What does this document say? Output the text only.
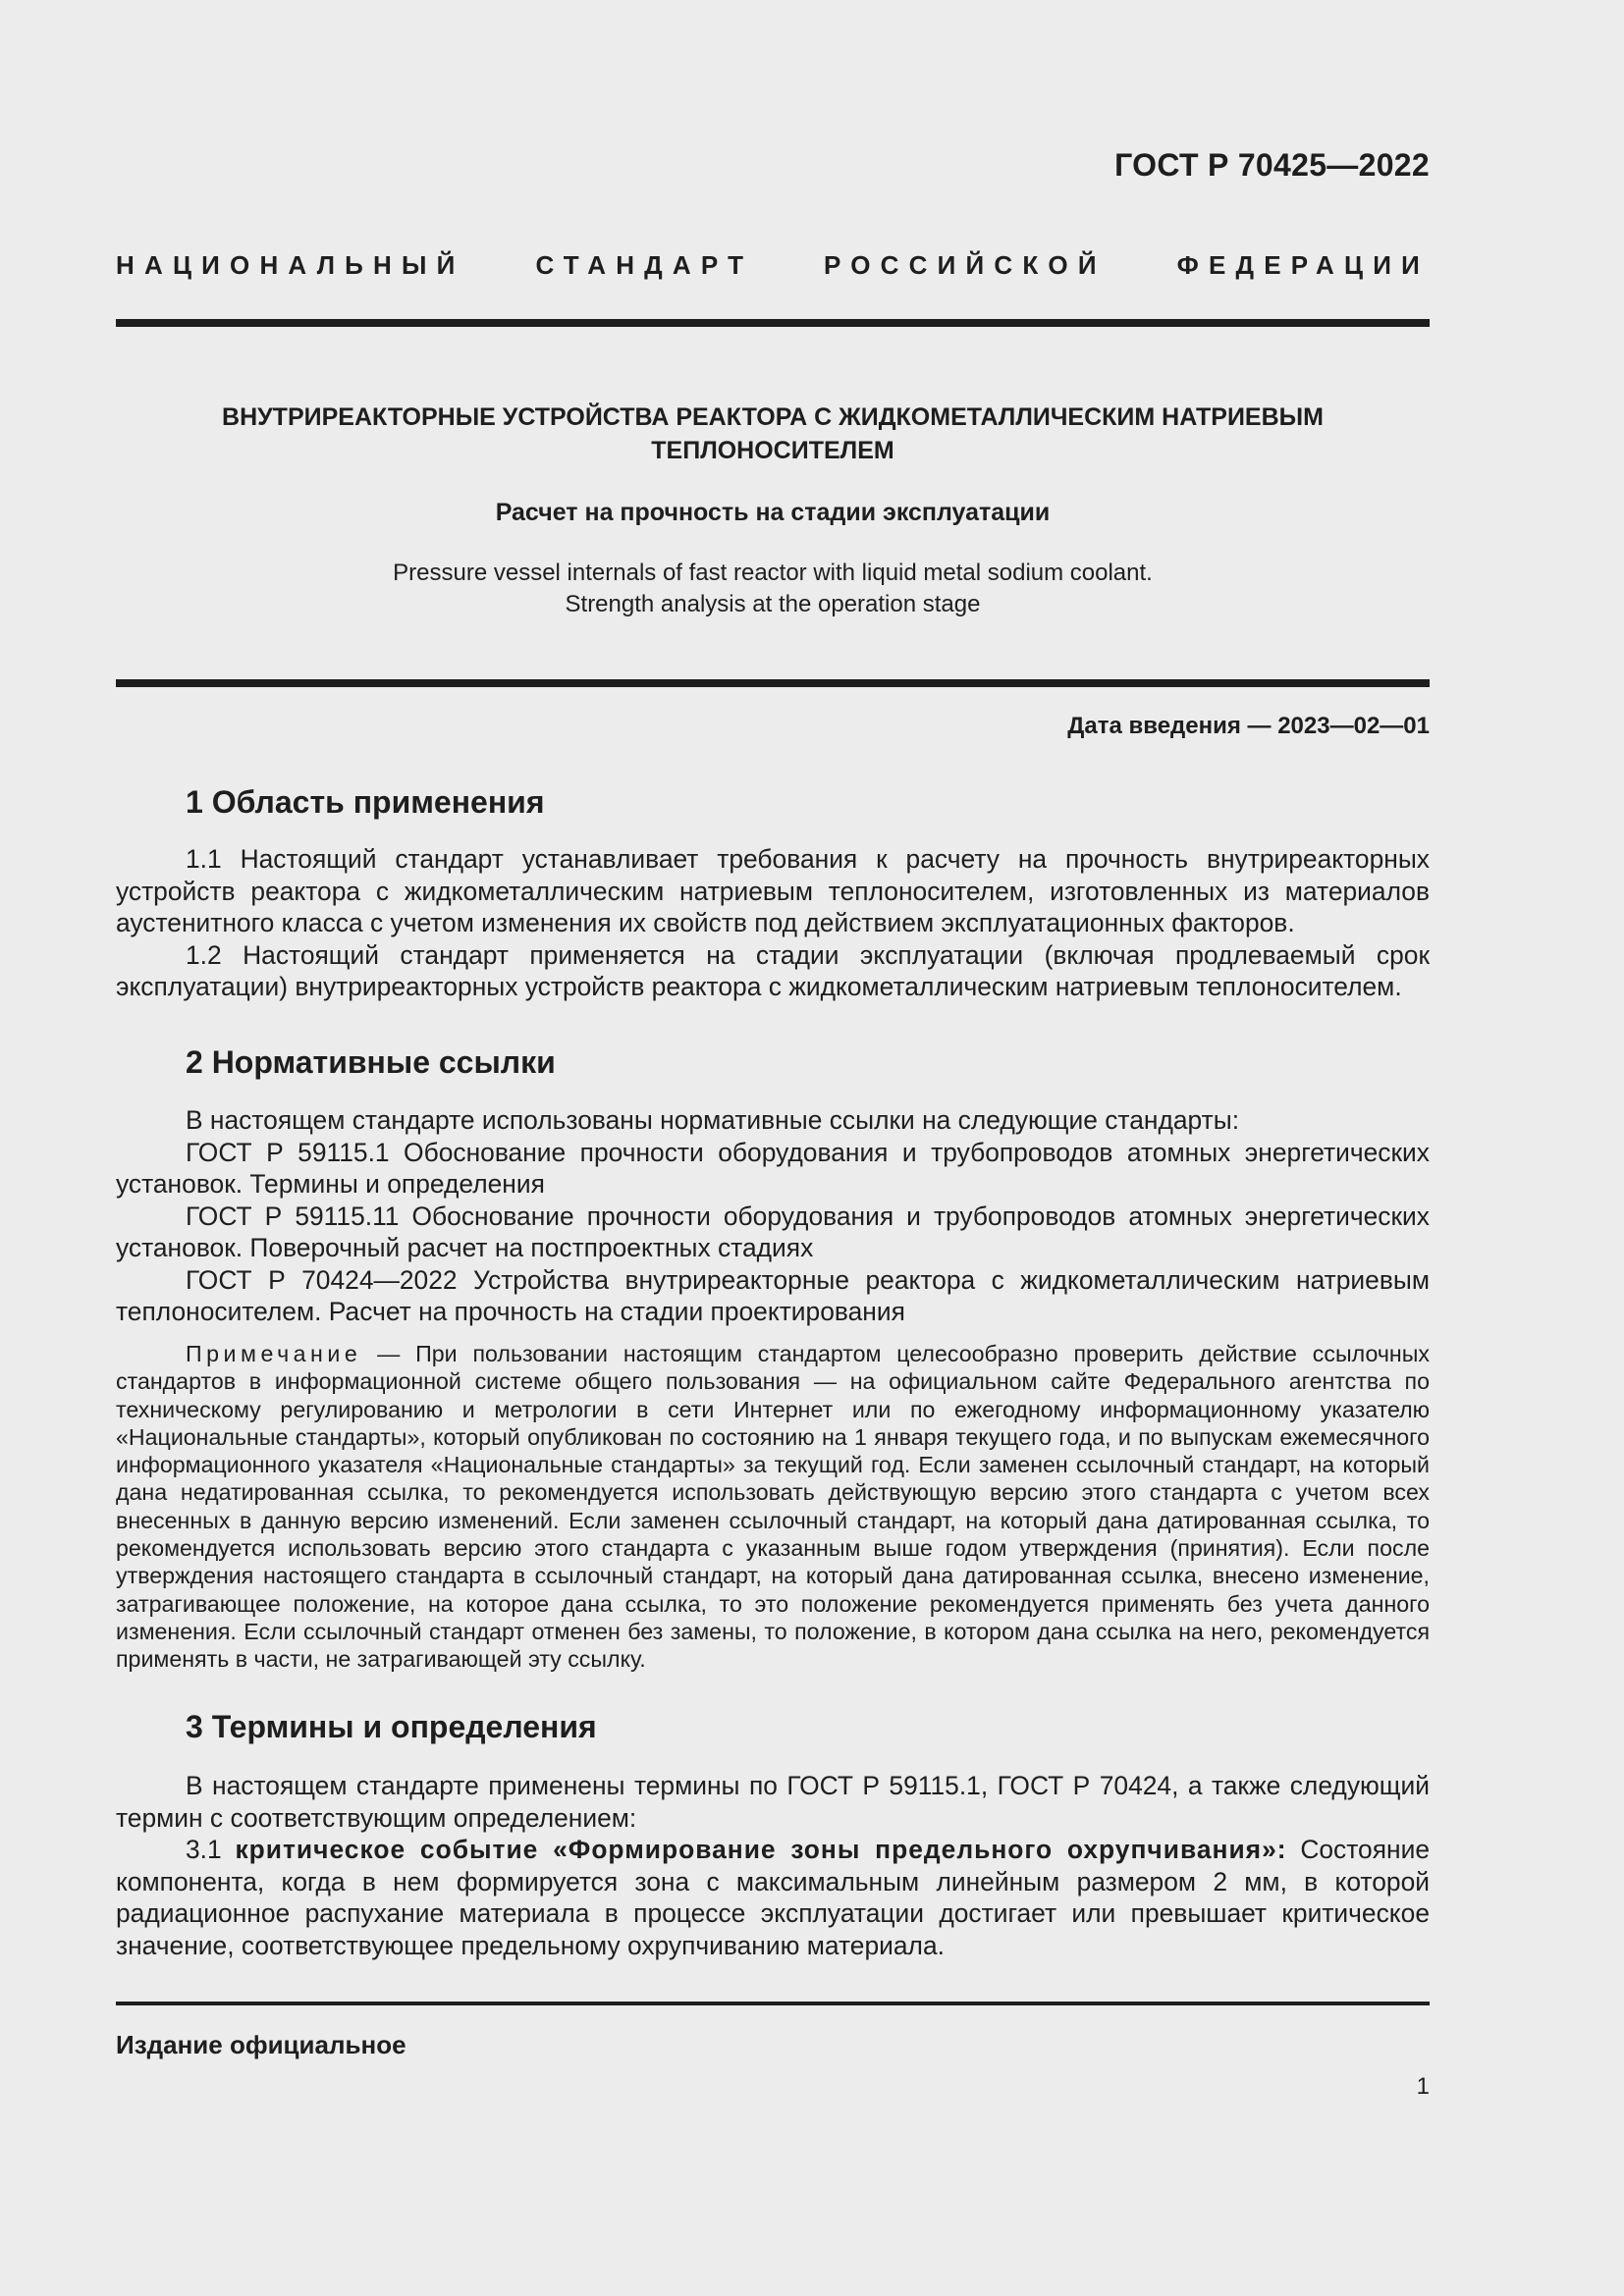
ГОСТ Р 70425—2022
НАЦИОНАЛЬНЫЙ СТАНДАРТ РОССИЙСКОЙ ФЕДЕРАЦИИ
ВНУТРИРЕАКТОРНЫЕ УСТРОЙСТВА РЕАКТОРА С ЖИДКОМЕТАЛЛИЧЕСКИМ НАТРИЕВЫМ
ТЕПЛОНОСИТЕЛЕМ
Расчет на прочность на стадии эксплуатации
Pressure vessel internals of fast reactor with liquid metal sodium coolant.
Strength analysis at the operation stage
Дата введения — 2023—02—01
1 Область применения

1.1 Настоящий стандарт устанавливает требования к расчету на прочность внутриреакторных устройств реактора с жидкометаллическим натриевым теплоносителем, изготовленных из материалов аустенитного класса с учетом изменения их свойств под действием эксплуатационных факторов.

1.2 Настоящий стандарт применяется на стадии эксплуатации (включая продлеваемый срок эксплуатации) внутриреакторных устройств реактора с жидкометаллическим натриевым теплоносителем.

2 Нормативные ссылки

В настоящем стандарте использованы нормативные ссылки на следующие стандарты:

ГОСТ Р 59115.1 Обоснование прочности оборудования и трубопроводов атомных энергетических установок. Термины и определения

ГОСТ Р 59115.11 Обоснование прочности оборудования и трубопроводов атомных энергетических установок. Поверочный расчет на постпроектных стадиях

ГОСТ Р 70424—2022 Устройства внутриреакторные реактора с жидкометаллическим натриевым теплоносителем. Расчет на прочность на стадии проектирования

Примечание — При пользовании настоящим стандартом целесообразно проверить действие ссылочных стандартов в информационной системе общего пользования — на официальном сайте Федерального агентства по техническому регулированию и метрологии в сети Интернет или по ежегодному информационному указателю «Национальные стандарты», который опубликован по состоянию на 1 января текущего года, и по выпускам ежемесячного информационного указателя «Национальные стандарты» за текущий год. Если заменен ссылочный стандарт, на который дана недатированная ссылка, то рекомендуется использовать действующую версию этого стандарта с учетом всех внесенных в данную версию изменений. Если заменен ссылочный стандарт, на который дана датированная ссылка, то рекомендуется использовать версию этого стандарта с указанным выше годом утверждения (принятия). Если после утверждения настоящего стандарта в ссылочный стандарт, на который дана датированная ссылка, внесено изменение, затрагивающее положение, на которое дана ссылка, то это положение рекомендуется применять без учета данного изменения. Если ссылочный стандарт отменен без замены, то положение, в котором дана ссылка на него, рекомендуется применять в части, не затрагивающей эту ссылку.

3 Термины и определения

В настоящем стандарте применены термины по ГОСТ Р 59115.1, ГОСТ Р 70424, а также следующий термин с соответствующим определением:

3.1 критическое событие «Формирование зоны предельного охрупчивания»: Состояние компонента, когда в нем формируется зона с максимальным линейным размером 2 мм, в которой радиационное распухание материала в процессе эксплуатации достигает или превышает критическое значение, соответствующее предельному охрупчиванию материала.

Издание официальное
1
